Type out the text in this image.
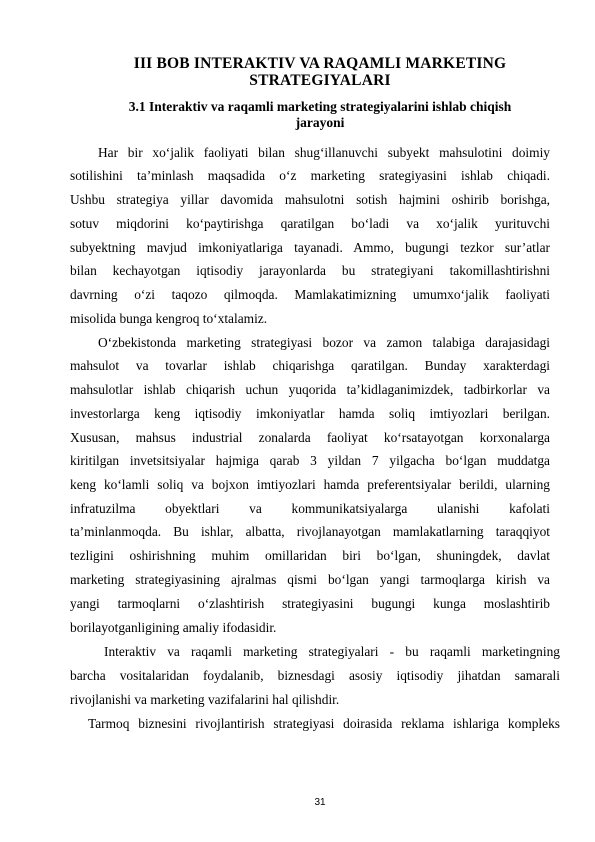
III BOB INTERAKTIV VA RAQAMLI MARKETING
STRATEGIYALARI
3.1 Interaktiv va raqamli marketing strategiyalarini ishlab chiqish
jarayoni
Har bir xo‘jalik faoliyati bilan shug‘illanuvchi subyekt mahsulotini doimiy
sotilishini ta’minlash maqsadida o‘z marketing srategiyasini ishlab chiqadi.
Ushbu strategiya yillar davomida mahsulotni sotish hajmini oshirib borishga,
sotuv miqdorini ko‘paytirishga qaratilgan bo‘ladi va xo‘jalik yurituvchi
subyektning mavjud imkoniyatlariga tayanadi. Ammo, bugungi tezkor sur’atlar
bilan kechayotgan iqtisodiy jarayonlarda bu strategiyani takomillashtirishni
davrning o‘zi taqozo qilmoqda. Mamlakatimizning umumxo‘jalik faoliyati
misolida bunga kengroq to‘xtalamiz.
O‘zbekistonda marketing strategiyasi bozor va zamon talabiga darajasidagi
mahsulot va tovarlar ishlab chiqarishga qaratilgan. Bunday xarakterdagi
mahsulotlar ishlab chiqarish uchun yuqorida ta’kidlaganimizdek, tadbirkorlar va
investorlarga keng iqtisodiy imkoniyatlar hamda soliq imtiyozlari berilgan.
Xususan, mahsus industrial zonalarda faoliyat ko‘rsatayotgan korxonalarga
kiritilgan invetsitsiyalar hajmiga qarab 3 yildan 7 yilgacha bo‘lgan muddatga
keng ko‘lamli soliq va bojxon imtiyozlari hamda preferentsiyalar berildi, ularning
infratuzilma obyektlari va kommunikatsiyalarga ulanishi kafolati
ta’minlanmoqda. Bu ishlar, albatta, rivojlanayotgan mamlakatlarning taraqqiyot
tezligini oshirishning muhim omillaridan biri bo‘lgan, shuningdek, davlat
marketing strategiyasining ajralmas qismi bo‘lgan yangi tarmoqlarga kirish va
yangi tarmoqlarni o‘zlashtirish strategiyasini bugungi kunga moslashtirib
borilayotganligining amaliy ifodasidir.
Interaktiv va raqamli marketing strategiyalari - bu raqamli marketingning
barcha vositalaridan foydalanib, biznesdagi asosiy iqtisodiy jihatdan samarali
rivojlanishi va marketing vazifalarini hal qilishdir.
Tarmoq biznesini rivojlantirish strategiyasi doirasida reklama ishlariga kompleks
31
